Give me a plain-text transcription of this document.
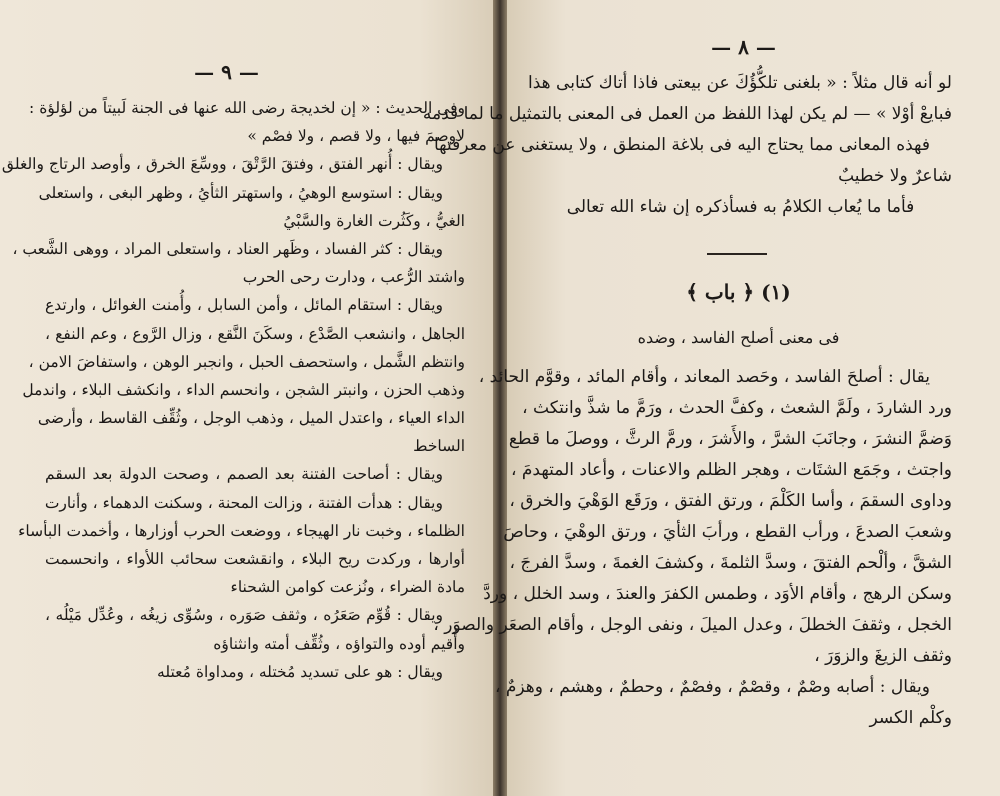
— ٩ —
وفى الحديث : « إن لخديجة رضى الله عنها فى الجنة لَبيتاً من لؤلؤة :
لاوصمَ فيها ، ولا قصم ، ولا فصْم »
ويقال : أُنهر الفتق ، وفتقَ الرَّتْقَ ، ووسِّعَ الخرق ، وأوصد الرتاج والغلق
ويقال : استوسع الوهيُ ، واستهتر الثأيُ ، وظهر البغى ، واستعلى
الغيُّ ، وكَثُرت الغارة والسَّبْيُ
ويقال : كثر الفساد ، وظَهر العناد ، واستعلى المراد ، ووهى الشَّعب ،
واشتد الرُّعب ، ودارت رحى الحرب
ويقال : استقام المائل ، وأمن السابل ، وأُمنت الغوائل ، وارتدع
الجاهل ، وانشعب الصَّدْع ، وسكَنَ النَّقع ، وزال الرَّوع ، وعم النفع ،
وانتظم الشَّمل ، واستحصف الحبل ، وانجبر الوهن ، واستفاضَ الامن ،
وذهب الحزن ، وانبتر الشجن ، وانحسم الداء ، وانكشف البلاء ، واندمل
الداء العياء ، واعتدل الميل ، وذهب الوجل ، وثُقِّف القاسط ، وأرضى
الساخط
ويقال : أصاحت الفتنة بعد الصمم ، وصحت الدولة بعد السقم
ويقال : هدأت الفتنة ، وزالت المحنة ، وسكنت الدهماء ، وأنارت
الظلماء ، وخبت نار الهيجاء ، ووضعت الحرب أوزارها ، وأخمدت البأساء
أوارها ، وركدت ريح البلاء ، وانقشعت سحائب اللأواء ، وانحسمت
مادة الضراء ، ونُزعت كوامن الشحناء
ويقال : قُوِّم صَعَرُه ، وثقف صَوَره ، وسُوِّى زيغُه ، وعُدِّل مَيْلُه ،
وأُقيم أوده والتواؤه ، وثُقِّف أمته وانثناؤه
ويقال : هو على تسديد مُختله ، ومداواة مُعتله
— ٨ —
لو أنه قال مثلاً : « بلغنى تلكُّؤُكَ عن بيعتى فاذا أتاك كتابى هذا
فبايعْ أوْلا » — لم يكن لهذا اللفظ من العمل فى المعنى بالتمثيل ما لما قدمه
فهذه المعانى مما يحتاج اليه فى بلاغة المنطق ، ولا يستغنى عن معرفتها
شاعرٌ ولا خطيبٌ
فأما ما يُعاب الكلامُ به فسأذكره إن شاء الله تعالى
(١) ﴿ باب ﴾
فى معنى أصلح الفاسد ، وضده
يقال : أصلحَ الفاسد ، وحَصد المعاند ، وأقام المائد ، وقوَّم الحائد ،
ورد الشاردَ ، ولَمَّ الشعث ، وكفَّ الحدث ، ورَمَّ ما شذَّ وانتكث ،
وَضمَّ النشرَ ، وجانَبَ الشرَّ ، والأَشرَ ، ورمَّ الرثَّ ، ووصلَ ما قطع
واجتث ، وجَمَع الشتَات ، وهجر الظلم والاعنات ، وأعاد المتهدمَ ،
وداوى السقمَ ، وأسا الكَلْمَ ، ورتق الفتق ، ورَقَع الوَهْيَ والخرق ،
وشعبَ الصدعَ ، ورأب القطع ، ورأبَ الثأيَ ، ورتق الوهْيَ ، وحاصَ
الشقَّ ، وألْحم الفتقَ ، وسدَّ الثلمةَ ، وكشفَ الغمةَ ، وسدَّ الفرجَ ،
وسكن الرهج ، وأقام الأوَد ، وطمس الكفرَ والعندَ ، وسد الخلل ، وردَّ
الخجل ، وثقفَ الخطلَ ، وعدل الميلَ ، ونفى الوجل ، وأقام الصعَر والصوَر ،
وثقف الزيغَ والزوَرَ ،
ويقال : أصابه وصْمٌ ، وقصْمٌ ، وفصْمٌ ، وحطمٌ ، وهشم ، وهزمٌ ،
وكلْم الكسر
